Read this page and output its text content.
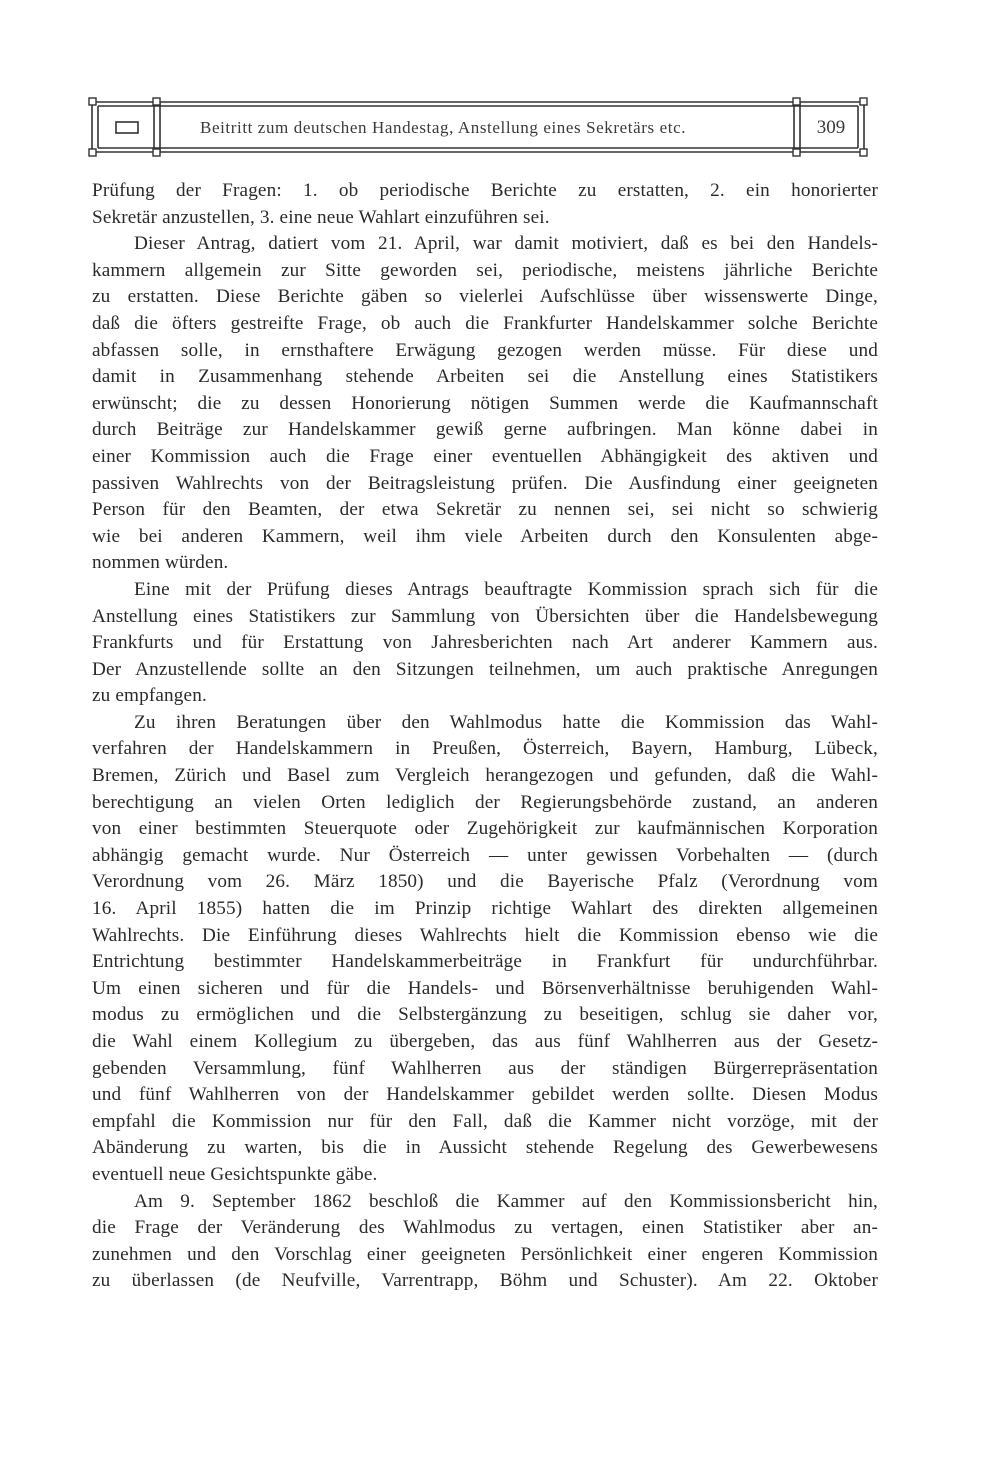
Beitritt zum deutschen Handestag, Anstellung eines Sekretärs etc.	309

Prüfung der Fragen: 1. ob periodische Berichte zu erstatten, 2. ein honorierter
Sekretär anzustellen, 3. eine neue Wahlart einzuführen sei.

Dieser Antrag, datiert vom 21. April, war damit motiviert, daß es bei den Handels-
kammern allgemein zur Sitte geworden sei, periodische, meistens jährliche Berichte
zu erstatten. Diese Berichte gäben so vielerlei Aufschlüsse über wissenswerte Dinge,
daß die öfters gestreifte Frage, ob auch die Frankfurter Handelskammer solche Berichte
abfassen solle, in ernsthaftere Erwägung gezogen werden müsse. Für diese und
damit in Zusammenhang stehende Arbeiten sei die Anstellung eines Statistikers
erwünscht; die zu dessen Honorierung nötigen Summen werde die Kaufmannschaft
durch Beiträge zur Handelskammer gewiß gerne aufbringen. Man könne dabei in
einer Kommission auch die Frage einer eventuellen Abhängigkeit des aktiven und
passiven Wahlrechts von der Beitragsleistung prüfen. Die Ausfindung einer geeigneten
Person für den Beamten, der etwa Sekretär zu nennen sei, sei nicht so schwierig
wie bei anderen Kammern, weil ihm viele Arbeiten durch den Konsulenten abge-
nommen würden.

Eine mit der Prüfung dieses Antrags beauftragte Kommission sprach sich für die
Anstellung eines Statistikers zur Sammlung von Übersichten über die Handelsbewegung
Frankfurts und für Erstattung von Jahresberichten nach Art anderer Kammern aus.
Der Anzustellende sollte an den Sitzungen teilnehmen, um auch praktische Anregungen
zu empfangen.

Zu ihren Beratungen über den Wahlmodus hatte die Kommission das Wahl-
verfahren der Handelskammern in Preußen, Österreich, Bayern, Hamburg, Lübeck,
Bremen, Zürich und Basel zum Vergleich herangezogen und gefunden, daß die Wahl-
berechtigung an vielen Orten lediglich der Regierungsbehörde zustand, an anderen
von einer bestimmten Steuerquote oder Zugehörigkeit zur kaufmännischen Korporation
abhängig gemacht wurde. Nur Österreich — unter gewissen Vorbehalten — (durch
Verordnung vom 26. März 1850) und die Bayerische Pfalz (Verordnung vom
16. April 1855) hatten die im Prinzip richtige Wahlart des direkten allgemeinen
Wahlrechts. Die Einführung dieses Wahlrechts hielt die Kommission ebenso wie die
Entrichtung bestimmter Handelskammerbeiträge in Frankfurt für undurchführbar.
Um einen sicheren und für die Handels- und Börsenverhältnisse beruhigenden Wahl-
modus zu ermöglichen und die Selbstergänzung zu beseitigen, schlug sie daher vor,
die Wahl einem Kollegium zu übergeben, das aus fünf Wahlherren aus der Gesetz-
gebenden Versammlung, fünf Wahlherren aus der ständigen Bürgerrepräsentation
und fünf Wahlherren von der Handelskammer gebildet werden sollte. Diesen Modus
empfahl die Kommission nur für den Fall, daß die Kammer nicht vorzöge, mit der
Abänderung zu warten, bis die in Aussicht stehende Regelung des Gewerbewesens
eventuell neue Gesichtspunkte gäbe.

Am 9. September 1862 beschloß die Kammer auf den Kommissionsbericht hin,
die Frage der Veränderung des Wahlmodus zu vertagen, einen Statistiker aber an-
zunehmen und den Vorschlag einer geeigneten Persönlichkeit einer engeren Kommission
zu überlassen (de Neufville, Varrentrapp, Böhm und Schuster). Am 22. Oktober
